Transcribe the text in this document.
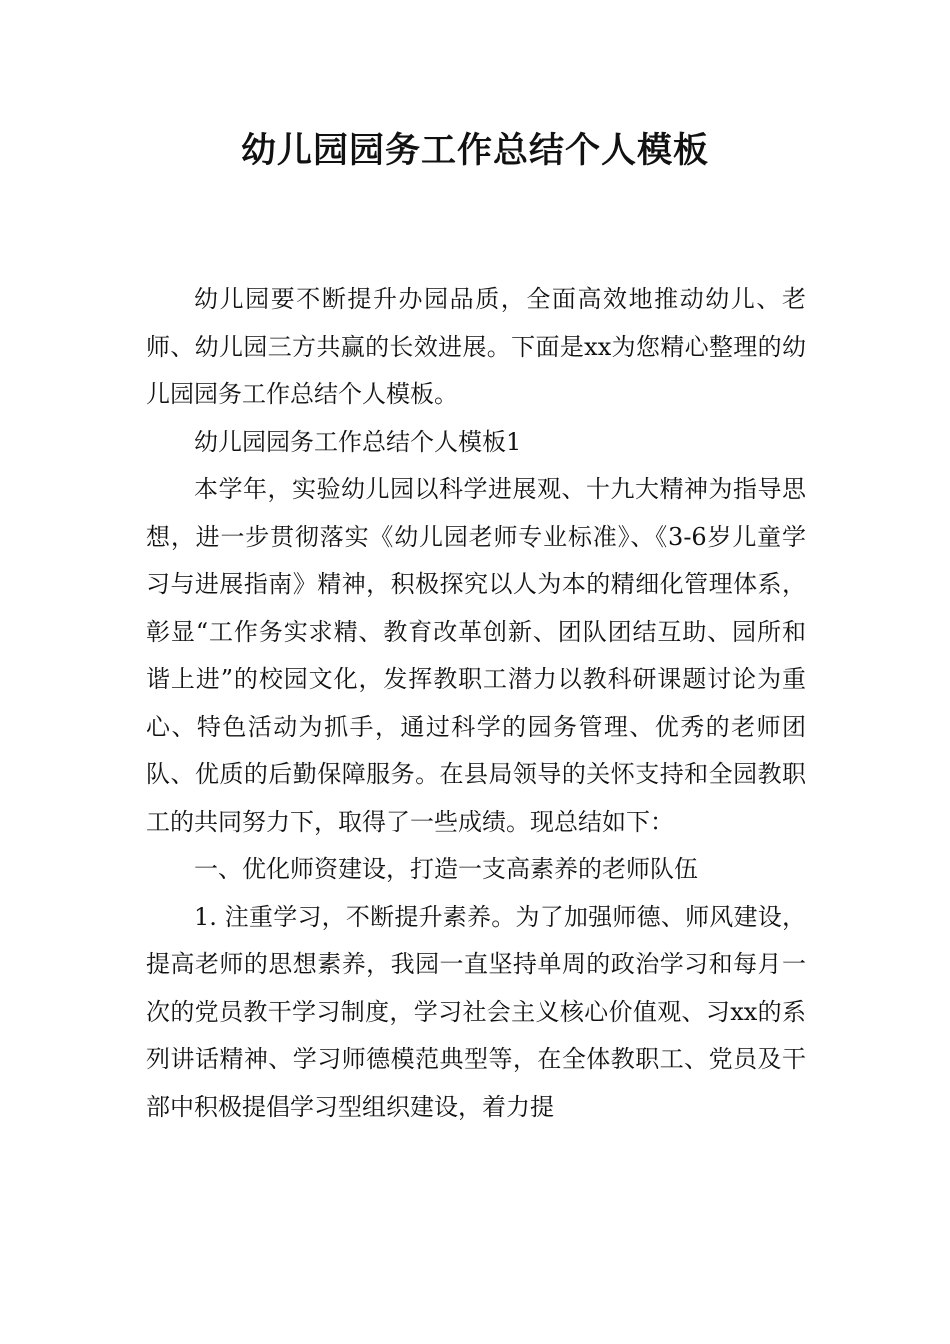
幼儿园园务工作总结个人模板

幼儿园要不断提升办园品质，全面高效地推动幼儿、老师、幼儿园三方共赢的长效进展。下面是xx为您精心整理的幼儿园园务工作总结个人模板。

幼儿园园务工作总结个人模板1

本学年，实验幼儿园以科学进展观、十九大精神为指导思想，进一步贯彻落实《幼儿园老师专业标准》、《3-6岁儿童学习与进展指南》精神，积极探究以人为本的精细化管理体系，彰显“工作务实求精、教育改革创新、团队团结互助、园所和谐上进”的校园文化，发挥教职工潜力以教科研课题讨论为重心、特色活动为抓手，通过科学的园务管理、优秀的老师团队、优质的后勤保障服务。在县局领导的关怀支持和全园教职工的共同努力下，取得了一些成绩。现总结如下：

一、优化师资建设，打造一支高素养的老师队伍

1. 注重学习，不断提升素养。为了加强师德、师风建设，提高老师的思想素养，我园一直坚持单周的政治学习和每月一次的党员教干学习制度，学习社会主义核心价值观、习xx的系列讲话精神、学习师德模范典型等，在全体教职工、党员及干部中积极提倡学习型组织建设，着力提
